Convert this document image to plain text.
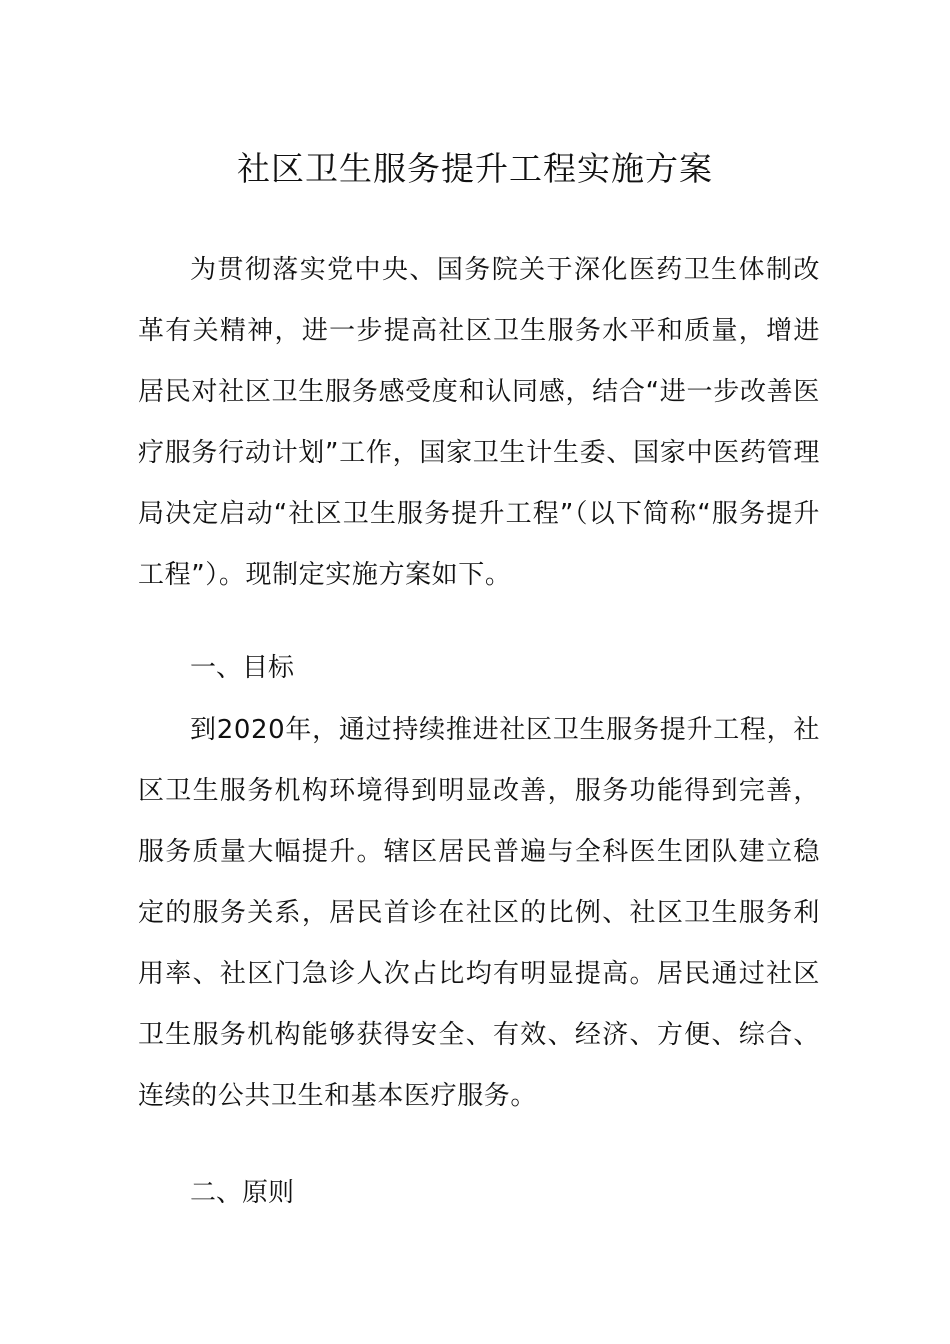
社区卫生服务提升工程实施方案

为贯彻落实党中央、国务院关于深化医药卫生体制改革有关精神，进一步提高社区卫生服务水平和质量，增进居民对社区卫生服务感受度和认同感，结合“进一步改善医疗服务行动计划”工作，国家卫生计生委、国家中医药管理局决定启动“社区卫生服务提升工程”（以下简称“服务提升工程”）。现制定实施方案如下。

一、目标

到2020年，通过持续推进社区卫生服务提升工程，社区卫生服务机构环境得到明显改善，服务功能得到完善，服务质量大幅提升。辖区居民普遍与全科医生团队建立稳定的服务关系，居民首诊在社区的比例、社区卫生服务利用率、社区门急诊人次占比均有明显提高。居民通过社区卫生服务机构能够获得安全、有效、经济、方便、综合、连续的公共卫生和基本医疗服务。

二、原则
